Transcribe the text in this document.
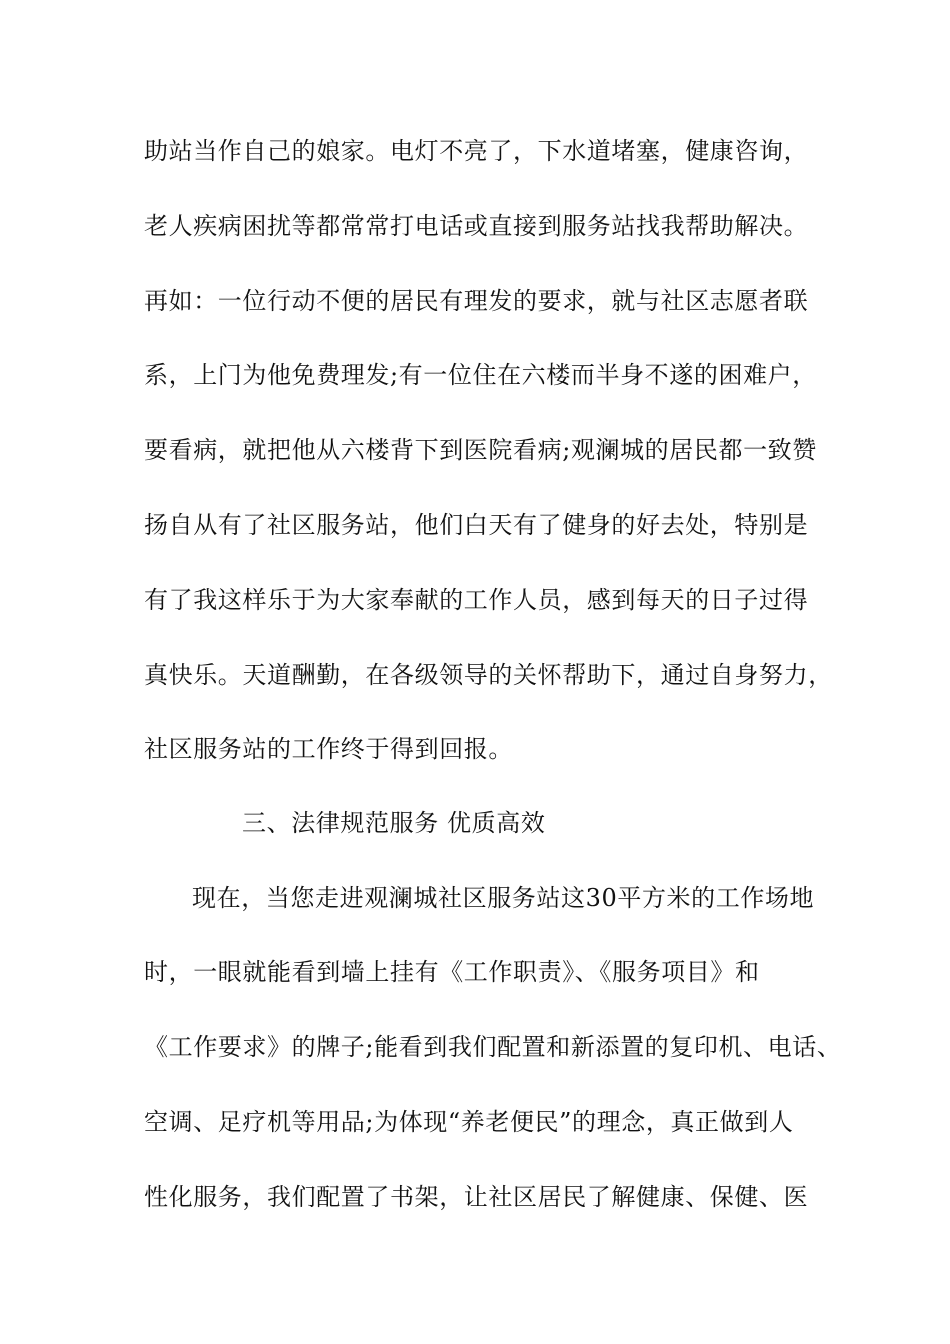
助站当作自己的娘家。电灯不亮了，下水道堵塞，健康咨询，

老人疾病困扰等都常常打电话或直接到服务站找我帮助解决。

再如：一位行动不便的居民有理发的要求，就与社区志愿者联

系，上门为他免费理发;有一位住在六楼而半身不遂的困难户，

要看病，就把他从六楼背下到医院看病;观澜城的居民都一致赞

扬自从有了社区服务站，他们白天有了健身的好去处，特别是

有了我这样乐于为大家奉献的工作人员，感到每天的日子过得

真快乐。天道酬勤，在各级领导的关怀帮助下，通过自身努力，

社区服务站的工作终于得到回报。

三、法律规范服务 优质高效

现在，当您走进观澜城社区服务站这30平方米的工作场地

时，一眼就能看到墙上挂有《工作职责》、《服务项目》和

《工作要求》的牌子;能看到我们配置和新添置的复印机、电话、

空调、足疗机等用品;为体现“养老便民”的理念，真正做到人

性化服务，我们配置了书架，让社区居民了解健康、保健、医
